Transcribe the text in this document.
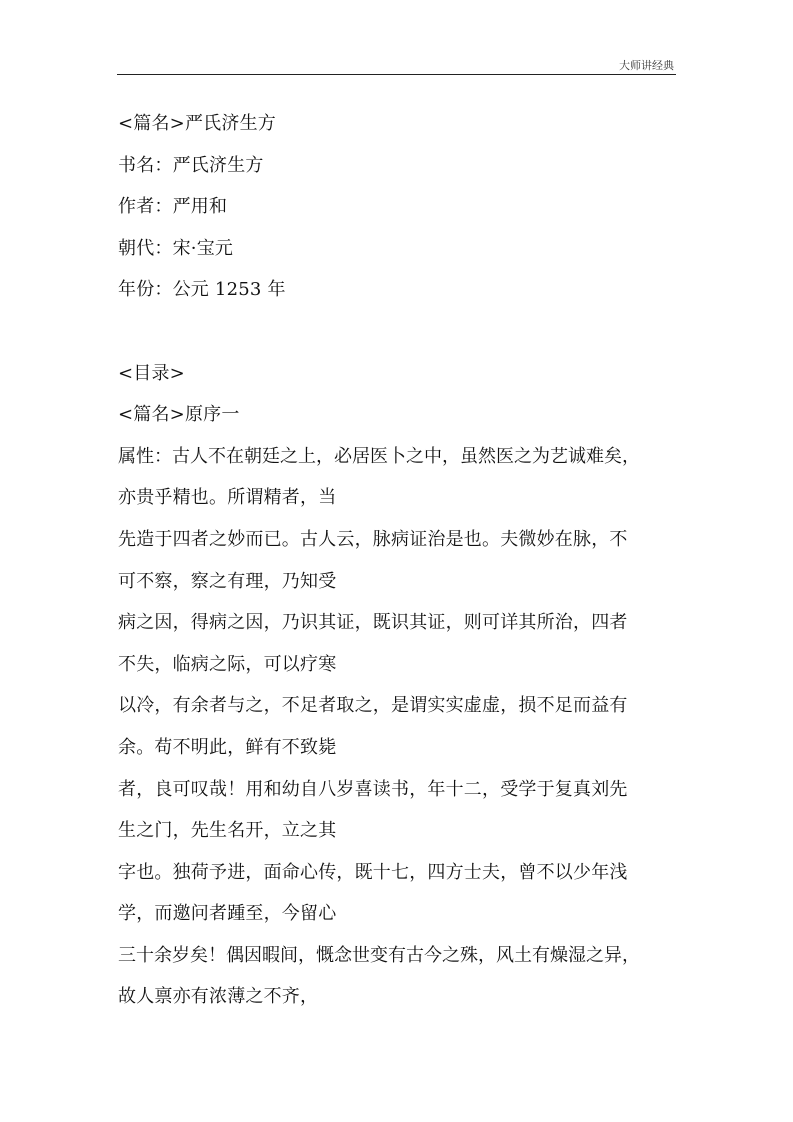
大师讲经典
<篇名>严氏济生方
书名：严氏济生方
作者：严用和
朝代：宋·宝元
年份：公元 1253 年
<目录>
<篇名>原序一
属性：古人不在朝廷之上，必居医卜之中，虽然医之为艺诚难矣，
亦贵乎精也。所谓精者，当
先造于四者之妙而已。古人云，脉病证治是也。夫微妙在脉，不
可不察，察之有理，乃知受
病之因，得病之因，乃识其证，既识其证，则可详其所治，四者
不失，临病之际，可以疗寒
以冷，有余者与之，不足者取之，是谓实实虚虚，损不足而益有
余。苟不明此，鲜有不致毙
者，良可叹哉！用和幼自八岁喜读书，年十二，受学于复真刘先
生之门，先生名开，立之其
字也。独荷予进，面命心传，既十七，四方士夫，曾不以少年浅
学，而邀问者踵至，今留心
三十余岁矣！偶因暇间，慨念世变有古今之殊，风土有燥湿之异，
故人禀亦有浓薄之不齐，
